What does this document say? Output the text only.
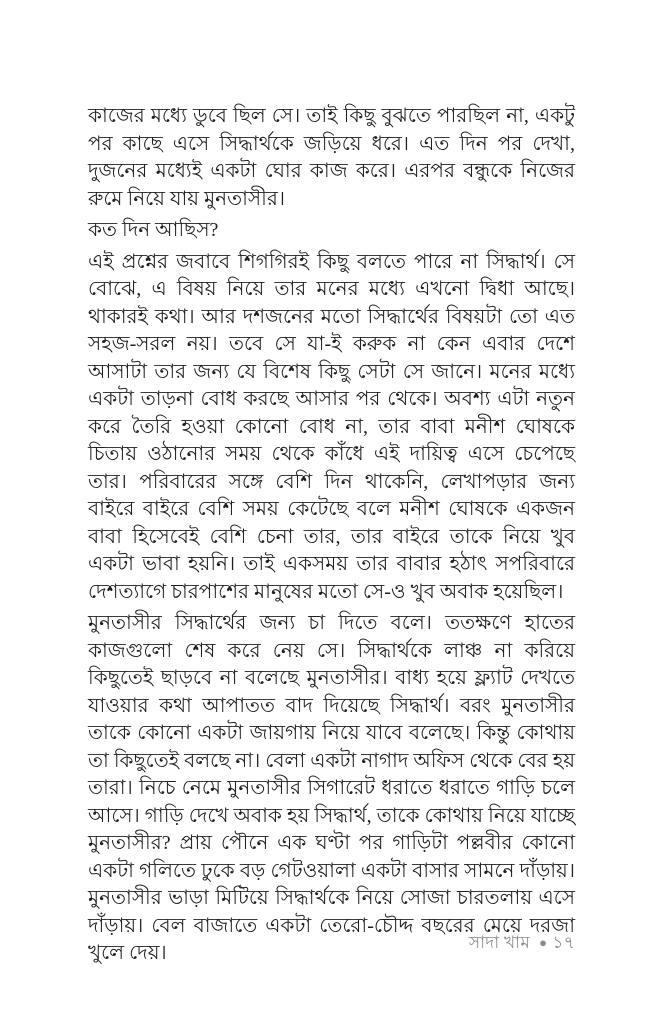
কাজের মধ্যে ডুবে ছিল সে। তাই কিছু বুঝতে পারছিল না, একটু পর কাছে এসে সিদ্ধার্থকে জড়িয়ে ধরে। এত দিন পর দেখা, দুজনের মধ্যেই একটা ঘোর কাজ করে। এরপর বন্ধুকে নিজের রুমে নিয়ে যায় মুনতাসীর।

কত দিন আছিস?

এই প্রশ্নের জবাবে শিগগিরই কিছু বলতে পারে না সিদ্ধার্থ। সে বোঝে, এ বিষয় নিয়ে তার মনের মধ্যে এখনো দ্বিধা আছে। থাকারই কথা। আর দশজনের মতো সিদ্ধার্থের বিষয়টা তো এত সহজ-সরল নয়। তবে সে যা-ই করুক না কেন এবার দেশে আসাটা তার জন্য যে বিশেষ কিছু সেটা সে জানে। মনের মধ্যে একটা তাড়না বোধ করছে আসার পর থেকে। অবশ্য এটা নতুন করে তৈরি হওয়া কোনো বোধ না, তার বাবা মনীশ ঘোষকে চিতায় ওঠানোর সময় থেকে কাঁধে এই দায়িত্ব এসে চেপেছে তার। পরিবারের সঙ্গে বেশি দিন থাকেনি, লেখাপড়ার জন্য বাইরে বাইরে বেশি সময় কেটেছে বলে মনীশ ঘোষকে একজন বাবা হিসেবেই বেশি চেনা তার, তার বাইরে তাকে নিয়ে খুব একটা ভাবা হয়নি। তাই একসময় তার বাবার হঠাৎ সপরিবারে দেশত্যাগে চারপাশের মানুষের মতো সে-ও খুব অবাক হয়েছিল।

মুনতাসীর সিদ্ধার্থের জন্য চা দিতে বলে। ততক্ষণে হাতের কাজগুলো শেষ করে নেয় সে। সিদ্ধার্থকে লাঞ্চ না করিয়ে কিছুতেই ছাড়বে না বলেছে মুনতাসীর। বাধ্য হয়ে ফ্ল্যাট দেখতে যাওয়ার কথা আপাতত বাদ দিয়েছে সিদ্ধার্থ। বরং মুনতাসীর তাকে কোনো একটা জায়গায় নিয়ে যাবে বলেছে। কিন্তু কোথায় তা কিছুতেই বলছে না। বেলা একটা নাগাদ অফিস থেকে বের হয় তারা। নিচে নেমে মুনতাসীর সিগারেট ধরাতে ধরাতে গাড়ি চলে আসে। গাড়ি দেখে অবাক হয় সিদ্ধার্থ, তাকে কোথায় নিয়ে যাচ্ছে মুনতাসীর? প্রায় পৌনে এক ঘণ্টা পর গাড়িটা পল্লবীর কোনো একটা গলিতে ঢুকে বড় গেটওয়ালা একটা বাসার সামনে দাঁড়ায়। মুনতাসীর ভাড়া মিটিয়ে সিদ্ধার্থকে নিয়ে সোজা চারতলায় এসে দাঁড়ায়। বেল বাজাতে একটা তেরো-চৌদ্দ বছরের মেয়ে দরজা খুলে দেয়।	সাদা খাম ● ১৭
